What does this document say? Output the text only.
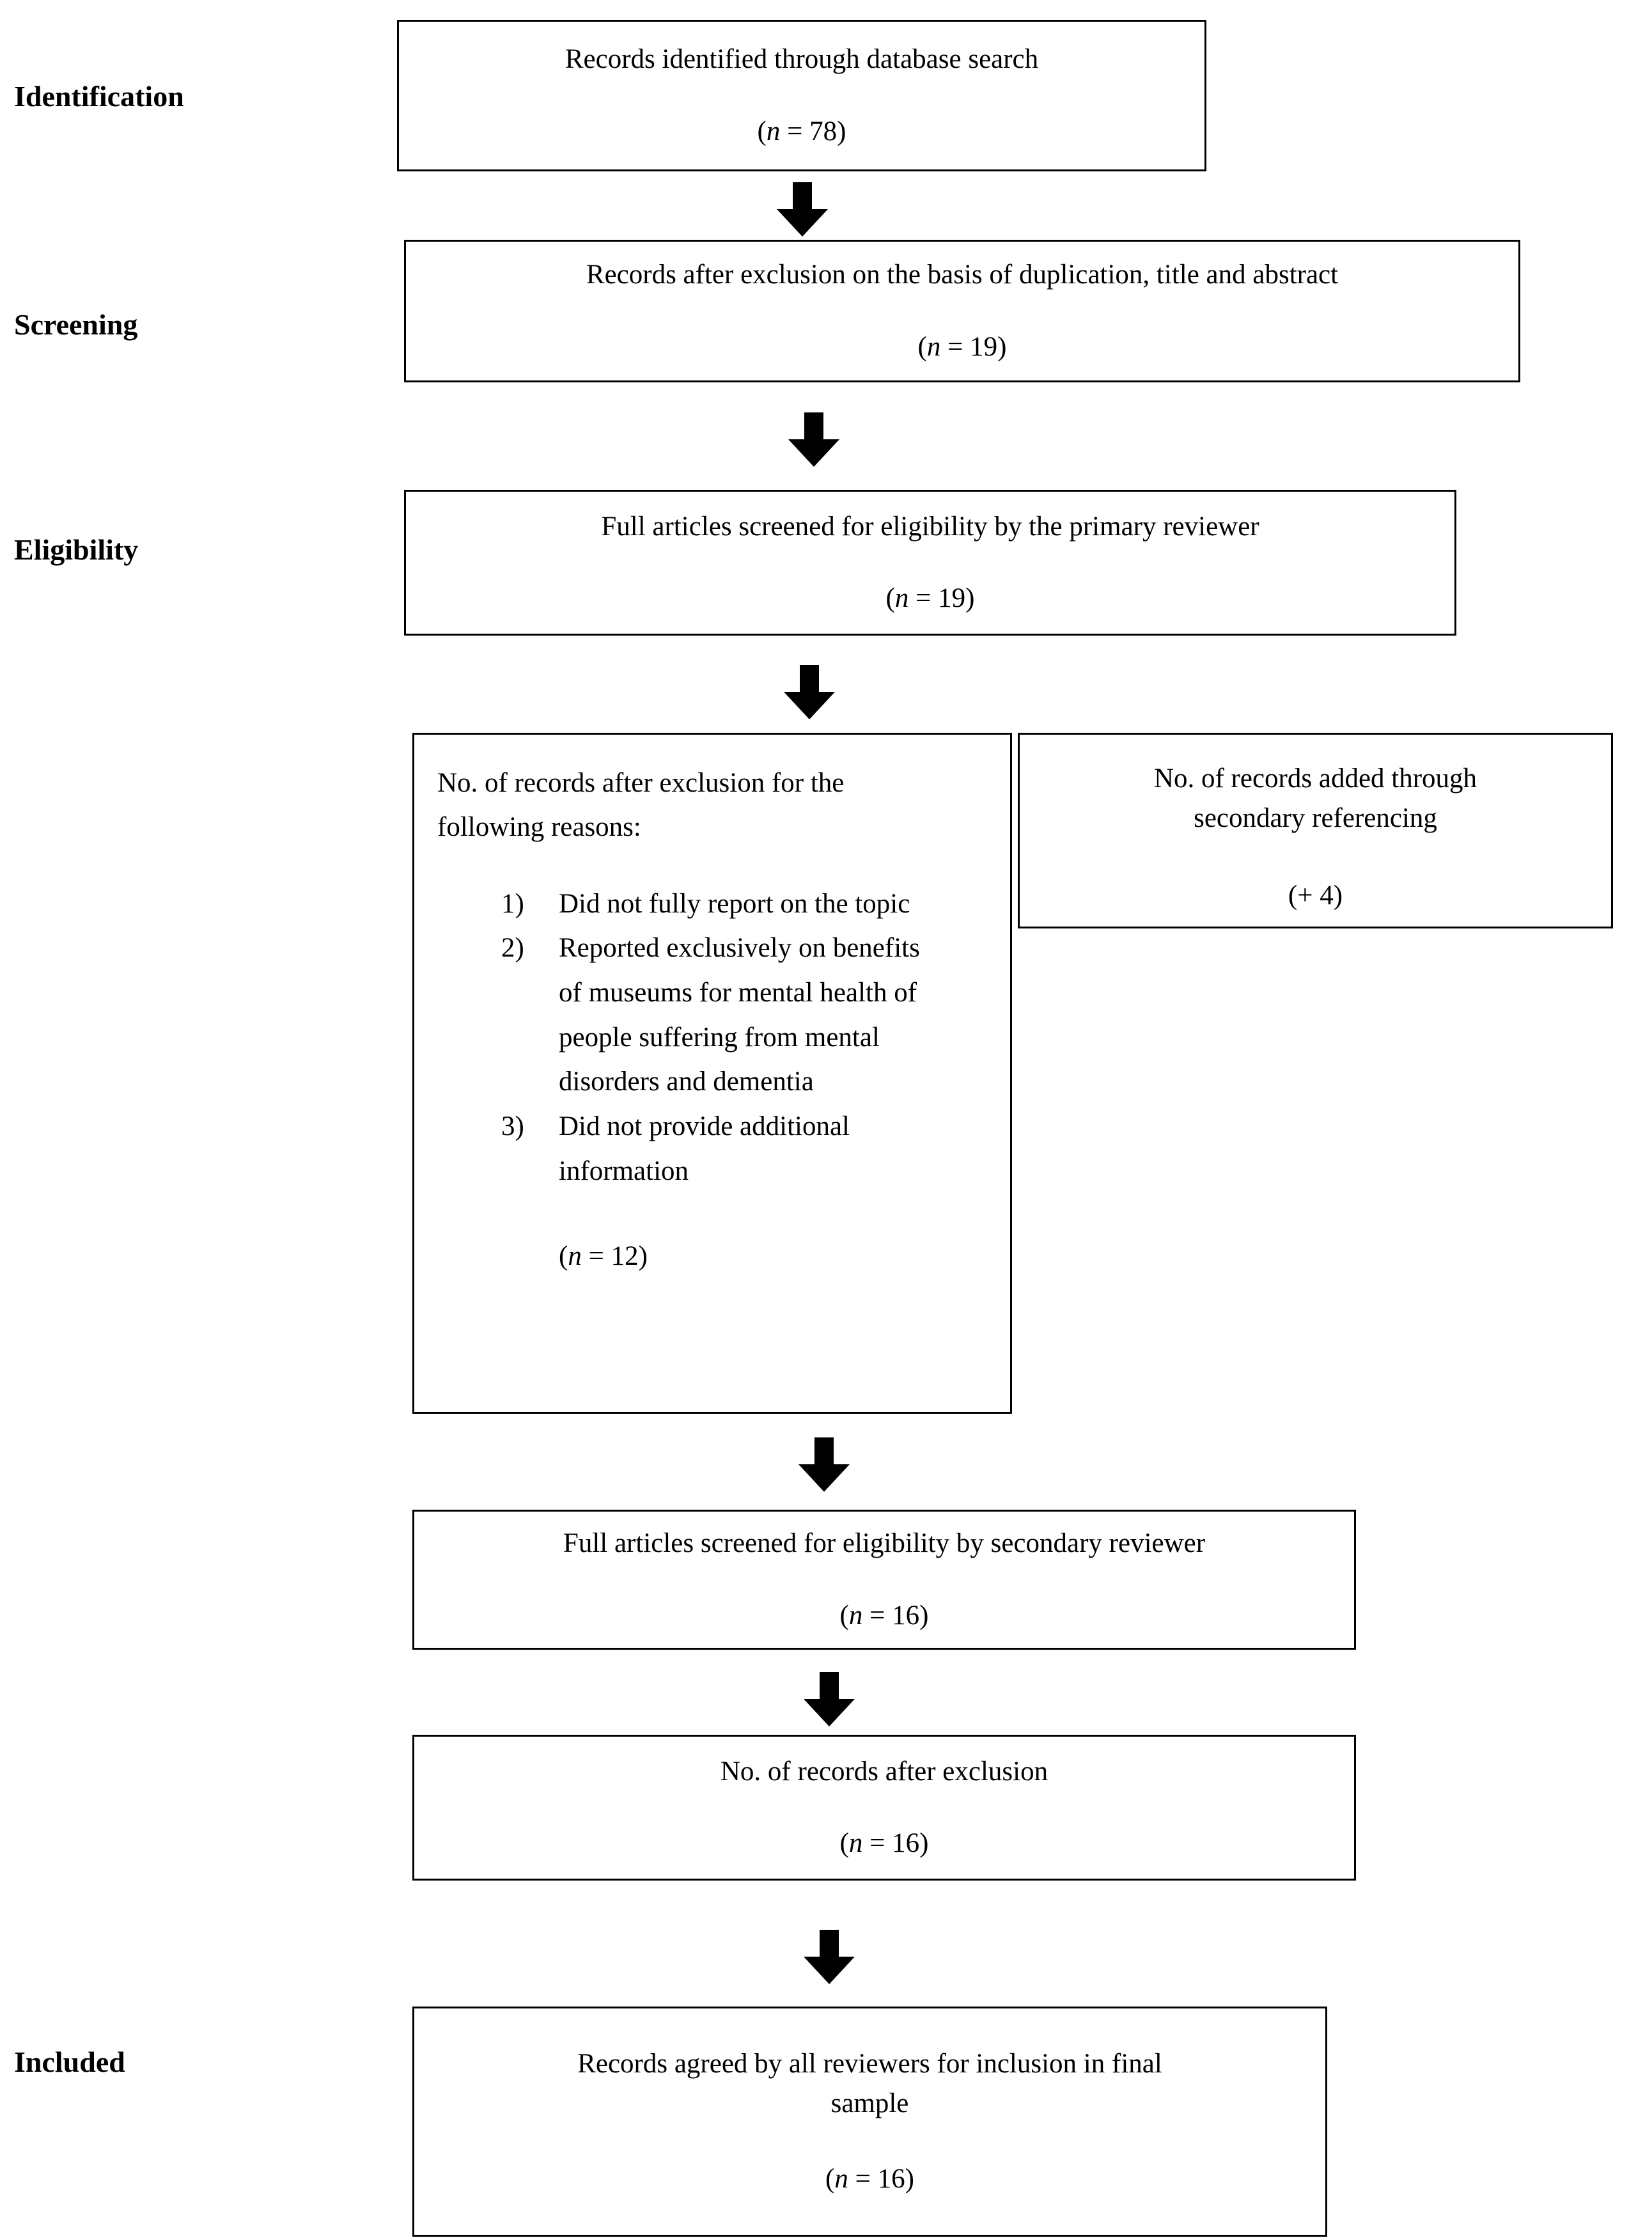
Identification
Screening
Eligibility
Included
Records identified through database search
(n = 78)
Records after exclusion on the basis of duplication, title and abstract
(n = 19)
Full articles screened for eligibility by the primary reviewer
(n = 19)
No. of records after exclusion for the following reasons:
1)	Did not fully report on the topic
2)	Reported exclusively on benefits of museums for mental health of people suffering from mental disorders and dementia
3)	Did not provide additional information
(n = 12)
No. of records added through secondary referencing
(+ 4)
Full articles screened for eligibility by secondary reviewer
(n = 16)
No. of records after exclusion
(n = 16)
Records agreed by all reviewers for inclusion in final sample
(n = 16)
